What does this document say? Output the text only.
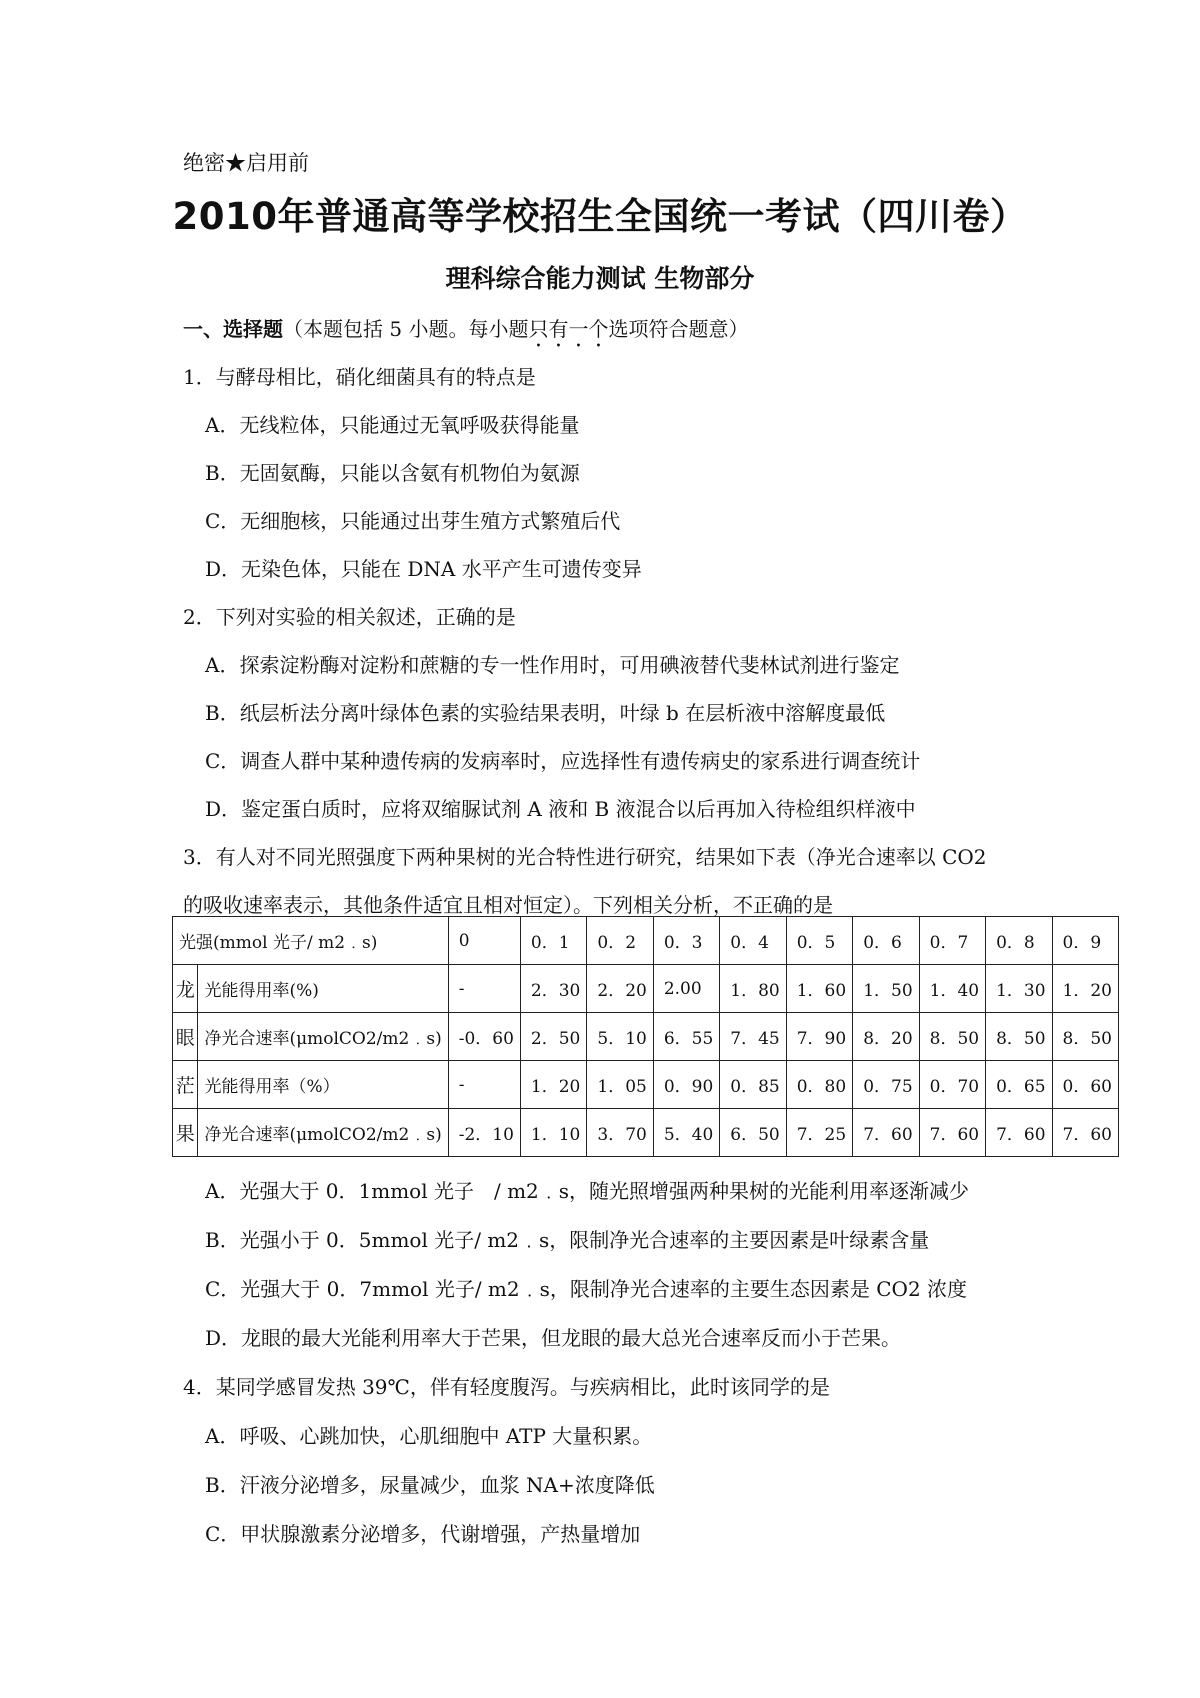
绝密★启用前
2010年普通高等学校招生全国统一考试（四川卷）
理科综合能力测试 生物部分
一、选择题（本题包括 5 小题。每小题只有一个选项符合题意）
1．与酵母相比，硝化细菌具有的特点是
A．无线粒体，只能通过无氧呼吸获得能量
B．无固氨酶，只能以含氨有机物伯为氨源
C．无细胞核，只能通过出芽生殖方式繁殖后代
D．无染色体，只能在 DNA 水平产生可遗传变异
2．下列对实验的相关叙述，正确的是
A．探索淀粉酶对淀粉和蔗糖的专一性作用时，可用碘液替代斐林试剂进行鉴定
B．纸层析法分离叶绿体色素的实验结果表明，叶绿 b 在层析液中溶解度最低
C．调查人群中某种遗传病的发病率时，应选择性有遗传病史的家系进行调查统计
D．鉴定蛋白质时，应将双缩脲试剂 A 液和 B 液混合以后再加入待检组织样液中
3．有人对不同光照强度下两种果树的光合特性进行研究，结果如下表（净光合速率以 CO2
的吸收速率表示，其他条件适宜且相对恒定）。下列相关分析，不正确的是
光强(mmol 光子/ m2﹒s)		0	0．1	0．2	0．3	0．4	0．5	0．6	0．7	0．8	0．9
龙	光能得用率(%)	-	2．30	2．20	2.00	1．80	1．60	1．50	1．40	1．30	1．20
眼	净光合速率(μmolCO2/m2﹒s)	-0．60	2．50	5．10	6．55	7．45	7．90	8．20	8．50	8．50	8．50
茫	光能得用率（%）	-	1．20	1．05	0．90	0．85	0．80	0．75	0．70	0．65	0．60
果	净光合速率(μmolCO2/m2﹒s)	-2．10	1．10	3．70	5．40	6．50	7．25	7．60	7．60	7．60	7．60
A．光强大于 0．1mmol 光子　/ m2﹒s，随光照增强两种果树的光能利用率逐渐减少
B．光强小于 0．5mmol 光子/ m2﹒s，限制净光合速率的主要因素是叶绿素含量
C．光强大于 0．7mmol 光子/ m2﹒s，限制净光合速率的主要生态因素是 CO2 浓度
D．龙眼的最大光能利用率大于芒果，但龙眼的最大总光合速率反而小于芒果。
4．某同学感冒发热 39℃，伴有轻度腹泻。与疾病相比，此时该同学的是
A．呼吸、心跳加快，心肌细胞中 ATP 大量积累。
B．汗液分泌增多，尿量减少，血浆 NA+浓度降低
C．甲状腺激素分泌增多，代谢增强，产热量增加
